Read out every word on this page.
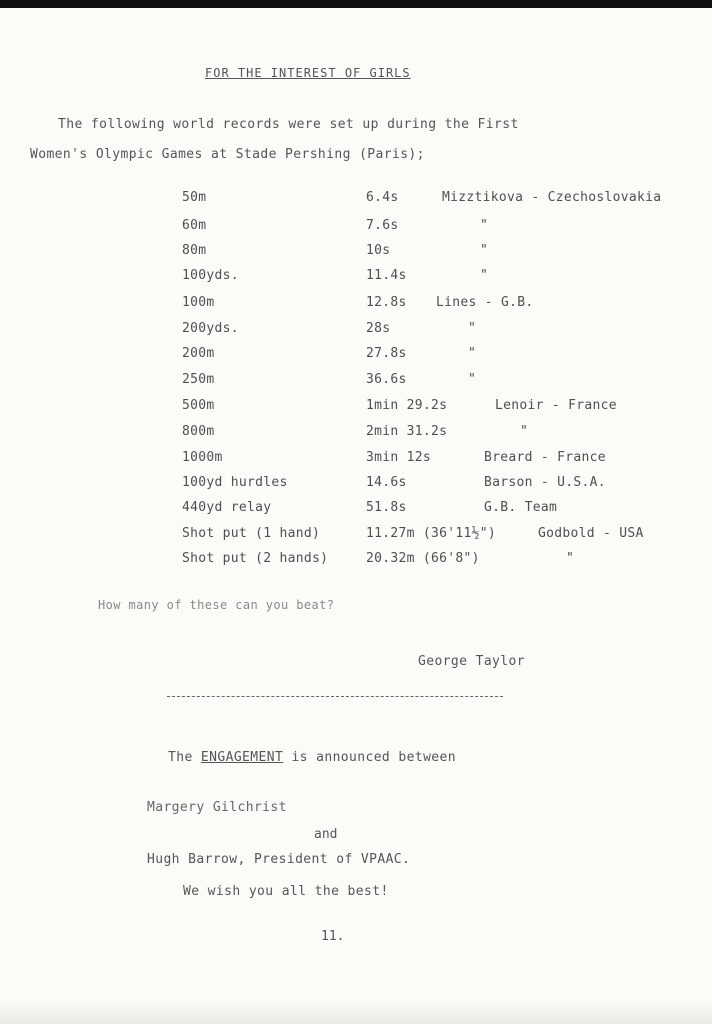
FOR THE INTEREST OF GIRLS
The following world records were set up during the First
Women's Olympic Games at Stade Pershing (Paris);
50m	6.4s	Mizztikova - Czechoslovakia
60m	7.6s	"
80m	10s	"
100yds.	11.4s	"
100m	12.8s Lines - G.B.
200yds.	28s	"
200m	27.8s	"
250m	36.6s	"
500m	1min 29.2s	Lenoir - France
800m	2min 31.2s	"
1000m	3min 12s	Breard - France
100yd hurdles	14.6s	Barson - U.S.A.
440yd relay	51.8s	G.B. Team
Shot put (1 hand)	11.27m (36'11½")	Godbold - USA
Shot put (2 hands)	20.32m (66'8")	"
How many of these can you beat?
George Taylor
The ENGAGEMENT is announced between
Margery Gilchrist
and
Hugh Barrow, President of VPAAC.
We wish you all the best!
11.
